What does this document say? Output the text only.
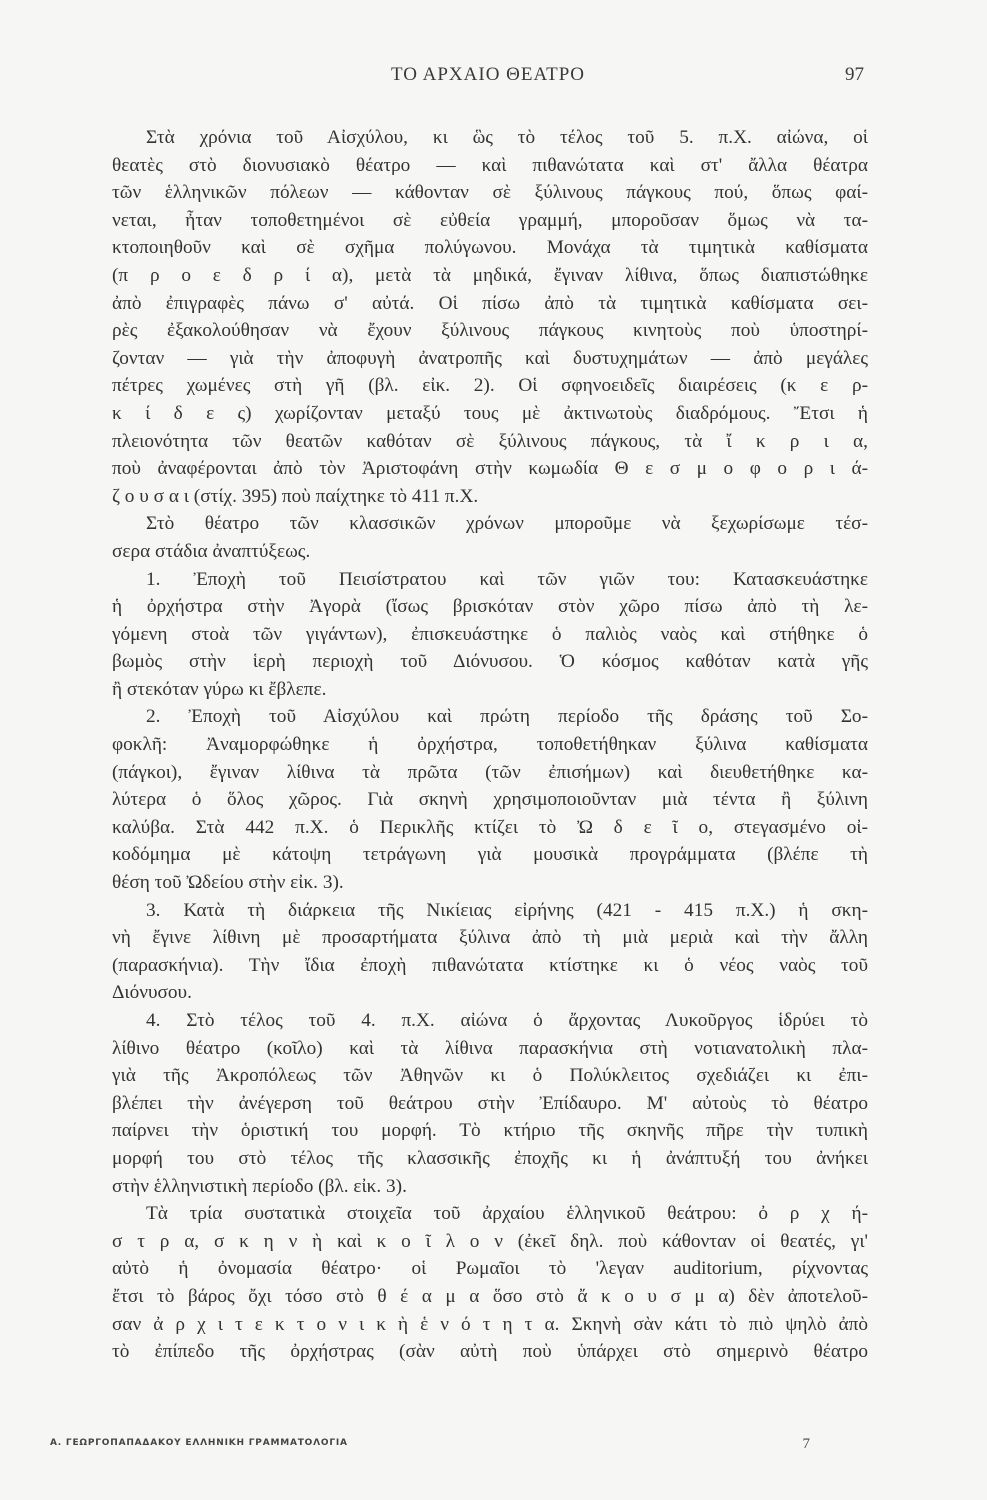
ΤΟ ΑΡΧΑΙΟ ΘΕΑΤΡΟ	97
Στὰ χρόνια τοῦ Αἰσχύλου, κι ὣς τὸ τέλος τοῦ 5. π.Χ. αἰώνα, οἱ
θεατὲς στὸ διονυσιακὸ θέατρο — καὶ πιθανώτατα καὶ στ' ἄλλα θέατρα
τῶν ἑλληνικῶν πόλεων — κάθονταν σὲ ξύλινους πάγκους πού, ὅπως φαί-
νεται, ἦταν τοποθετημένοι σὲ εὐθεία γραμμή, μποροῦσαν ὅμως νὰ τα-
κτοποιηθοῦν καὶ σὲ σχῆμα πολύγωνου. Μονάχα τὰ τιμητικὰ καθίσματα
(π ρ ο ε δ ρ ί α), μετὰ τὰ μηδικά, ἔγιναν λίθινα, ὅπως διαπιστώθηκε
ἀπὸ ἐπιγραφὲς πάνω σ' αὐτά. Οἱ πίσω ἀπὸ τὰ τιμητικὰ καθίσματα σει-
ρὲς ἐξακολούθησαν νὰ ἔχουν ξύλινους πάγκους κινητοὺς ποὺ ὑποστηρί-
ζονταν — γιὰ τὴν ἀποφυγὴ ἀνατροπῆς καὶ δυστυχημάτων — ἀπὸ μεγάλες
πέτρες χωμένες στὴ γῆ (βλ. εἰκ. 2). Οἱ σφηνοειδεῖς διαιρέσεις (κ ε ρ-
κ ί δ ε ς) χωρίζονταν μεταξύ τους μὲ ἀκτινωτοὺς διαδρόμους. Ἔτσι ἡ
πλειονότητα τῶν θεατῶν καθόταν σὲ ξύλινους πάγκους, τὰ ἴ κ ρ ι α,
ποὺ ἀναφέρονται ἀπὸ τὸν Ἀριστοφάνη στὴν κωμωδία Θ ε σ μ ο φ ο ρ ι ά-
ζ ο υ σ α ι (στίχ. 395) ποὺ παίχτηκε τὸ 411 π.Χ.
Στὸ θέατρο τῶν κλασσικῶν χρόνων μποροῦμε νὰ ξεχωρίσωμε τέσ-
σερα στάδια ἀναπτύξεως.
1. Ἐποχὴ τοῦ Πεισίστρατου καὶ τῶν γιῶν του: Κατασκευάστηκε
ἡ ὀρχήστρα στὴν Ἀγορὰ (ἴσως βρισκόταν στὸν χῶρο πίσω ἀπὸ τὴ λε-
γόμενη στοὰ τῶν γιγάντων), ἐπισκευάστηκε ὁ παλιὸς ναὸς καὶ στήθηκε ὁ
βωμὸς στὴν ἱερὴ περιοχὴ τοῦ Διόνυσου. Ὁ κόσμος καθόταν κατὰ γῆς
ἢ στεκόταν γύρω κι ἔβλεπε.
2. Ἐποχὴ τοῦ Αἰσχύλου καὶ πρώτη περίοδο τῆς δράσης τοῦ Σο-
φοκλῆ: Ἀναμορφώθηκε ἡ ὀρχήστρα, τοποθετήθηκαν ξύλινα καθίσματα
(πάγκοι), ἔγιναν λίθινα τὰ πρῶτα (τῶν ἐπισήμων) καὶ διευθετήθηκε κα-
λύτερα ὁ ὅλος χῶρος. Γιὰ σκηνὴ χρησιμοποιοῦνταν μιὰ τέντα ἢ ξύλινη
καλύβα. Στὰ 442 π.Χ. ὁ Περικλῆς κτίζει τὸ Ὠ δ ε ῖ ο, στεγασμένο οἰ-
κοδόμημα μὲ κάτοψη τετράγωνη γιὰ μουσικὰ προγράμματα (βλέπε τὴ
θέση τοῦ Ὠδείου στὴν εἰκ. 3).
3. Κατὰ τὴ διάρκεια τῆς Νικίειας εἰρήνης (421 - 415 π.Χ.) ἡ σκη-
νὴ ἔγινε λίθινη μὲ προσαρτήματα ξύλινα ἀπὸ τὴ μιὰ μεριὰ καὶ τὴν ἄλλη
(παρασκήνια). Τὴν ἴδια ἐποχὴ πιθανώτατα κτίστηκε κι ὁ νέος ναὸς τοῦ
Διόνυσου.
4. Στὸ τέλος τοῦ 4. π.Χ. αἰώνα ὁ ἄρχοντας Λυκοῦργος ἱδρύει τὸ
λίθινο θέατρο (κοῖλο) καὶ τὰ λίθινα παρασκήνια στὴ νοτιανατολικὴ πλα-
γιὰ τῆς Ἀκροπόλεως τῶν Ἀθηνῶν κι ὁ Πολύκλειτος σχεδιάζει κι ἐπι-
βλέπει τὴν ἀνέγερση τοῦ θεάτρου στὴν Ἐπίδαυρο. Μ' αὐτοὺς τὸ θέατρο
παίρνει τὴν ὁριστική του μορφή. Τὸ κτήριο τῆς σκηνῆς πῆρε τὴν τυπικὴ
μορφή του στὸ τέλος τῆς κλασσικῆς ἐποχῆς κι ἡ ἀνάπτυξή του ἀνήκει
στὴν ἑλληνιστικὴ περίοδο (βλ. εἰκ. 3).
Τὰ τρία συστατικὰ στοιχεῖα τοῦ ἀρχαίου ἑλληνικοῦ θεάτρου: ὀ ρ χ ή-
σ τ ρ α, σ κ η ν ὴ καὶ κ ο ῖ λ ο ν (ἐκεῖ δηλ. ποὺ κάθονταν οἱ θεατές, γι'
αὐτὸ ἡ ὀνομασία θέατρο· οἱ Ρωμαῖοι τὸ 'λεγαν auditorium, ρίχνοντας
ἔτσι τὸ βάρος ὄχι τόσο στὸ θ έ α μ α ὅσο στὸ ἄ κ ο υ σ μ α) δὲν ἀποτελοῦ-
σαν ἀ ρ χ ι τ ε κ τ ο ν ι κ ὴ ἑ ν ό τ η τ α. Σκηνὴ σὰν κάτι τὸ πιὸ ψηλὸ ἀπὸ
τὸ ἐπίπεδο τῆς ὀρχήστρας (σὰν αὐτὴ ποὺ ὑπάρχει στὸ σημερινὸ θέατρο
Α. ΓΕΩΡΓΟΠΑΠΑΔΑΚΟΥ ΕΛΛΗΝΙΚΗ ΓΡΑΜΜΑΤΟΛΟΓΙΑ	7
